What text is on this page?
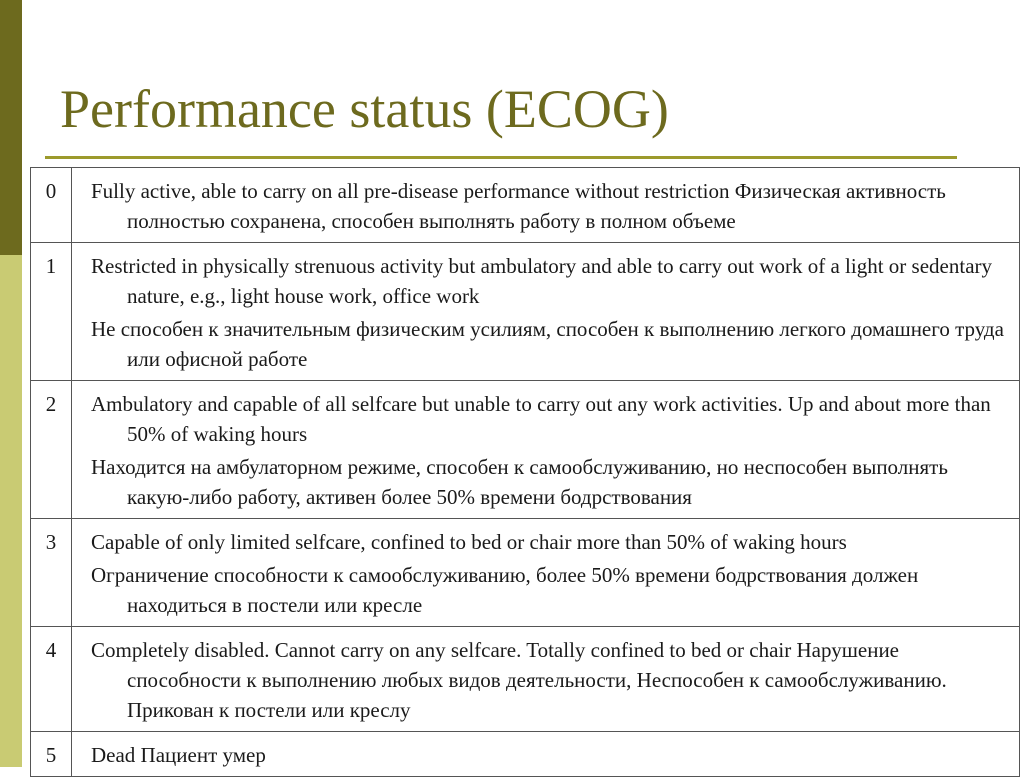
Performance status (ECOG)
0	Fully active, able to carry on all pre-disease performance without restriction Физическая активность полностью сохранена, способен выполнять работу в полном объеме

1	Restricted in physically strenuous activity but ambulatory and able to carry out work of a light or sedentary nature, e.g., light house work, office work

Не способен к значительным физическим усилиям, способен к выполнению легкого домашнего труда или офисной работе

2	Ambulatory and capable of all selfcare but unable to carry out any work activities. Up and about more than 50% of waking hours

Находится на амбулаторном режиме, способен к самообслуживанию, но неспособен выполнять какую-либо работу, активен более 50% времени бодрствования

3	Capable of only limited selfcare, confined to bed or chair more than 50% of waking hours

Ограничение способности к самообслуживанию, более 50% времени бодрствования должен находиться в постели или кресле

4	Completely disabled. Cannot carry on any selfcare. Totally confined to bed or chair Нарушение способности к выполнению любых видов деятельности, Неспособен к самообслуживанию. Прикован к постели или креслу

5	Dead Пациент умер
